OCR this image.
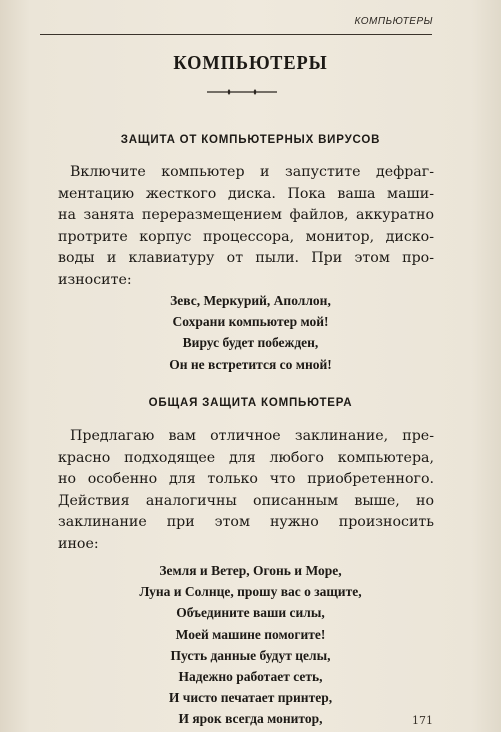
КОМПЬЮТЕРЫ
КОМПЬЮТЕРЫ
ЗАЩИТА ОТ КОМПЬЮТЕРНЫХ ВИРУСОВ
Включите компьютер и запустите дефраг-
ментацию жесткого диска. Пока ваша маши-
на занята переразмещением файлов, аккуратно
протрите корпус процессора, монитор, диско-
воды и клавиатуру от пыли. При этом про-
износите:
Зевс, Меркурий, Аполлон,
Сохрани компьютер мой!
Вирус будет побежден,
Он не встретится со мной!
ОБЩАЯ ЗАЩИТА КОМПЬЮТЕРА
Предлагаю вам отличное заклинание, пре-
красно подходящее для любого компьютера,
но особенно для только что приобретенного.
Действия аналогичны описанным выше, но
заклинание при этом нужно произносить
иное:
Земля и Ветер, Огонь и Море,
Луна и Солнце, прошу вас о защите,
Объедините ваши силы,
Моей машине помогите!
Пусть данные будут целы,
Надежно работает сеть,
И чисто печатает принтер,
И ярок всегда монитор,	171
